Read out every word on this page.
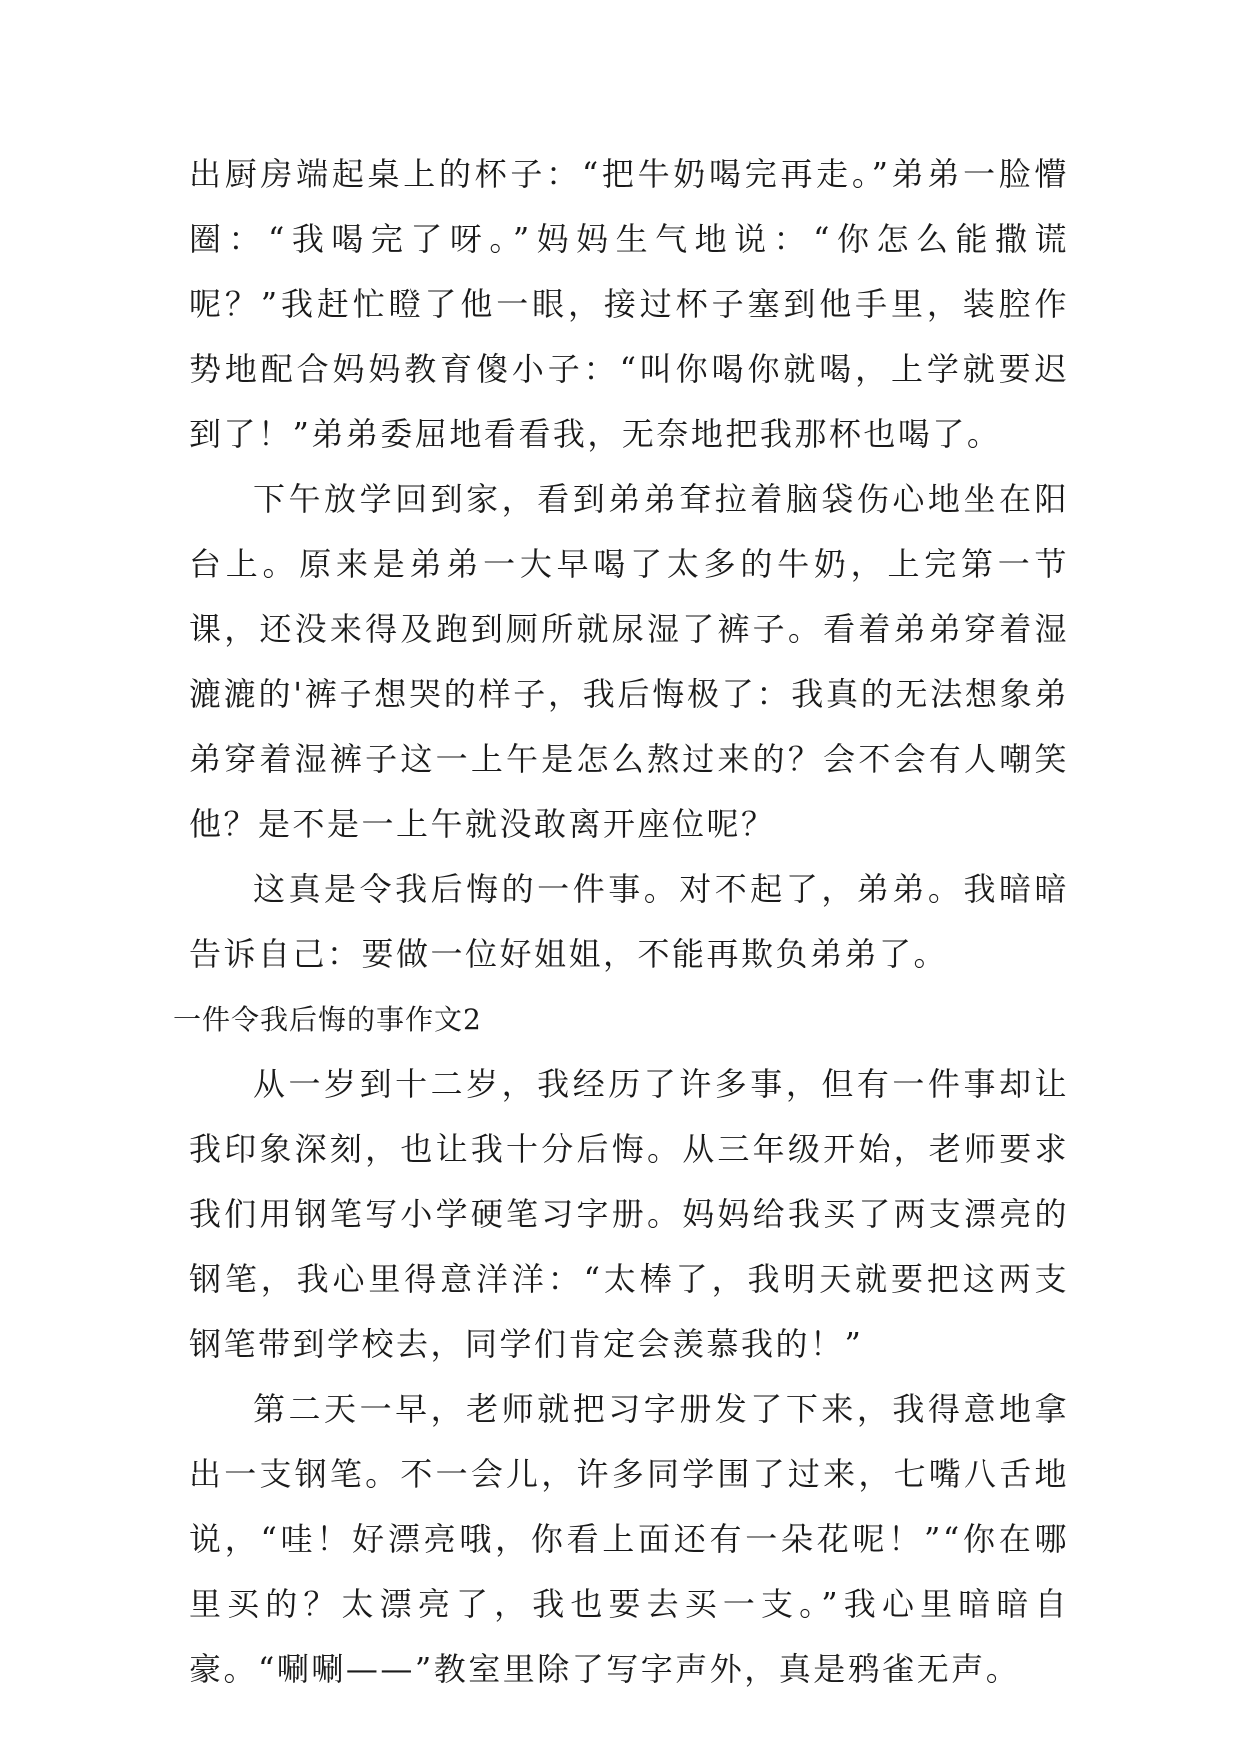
出厨房端起桌上的杯子：“把牛奶喝完再走。”弟弟一脸懵圈：“我喝完了呀。”妈妈生气地说：“你怎么能撒谎呢？”我赶忙瞪了他一眼，接过杯子塞到他手里，装腔作势地配合妈妈教育傻小子：“叫你喝你就喝，上学就要迟到了！”弟弟委屈地看看我，无奈地把我那杯也喝了。

下午放学回到家，看到弟弟耷拉着脑袋伤心地坐在阳台上。原来是弟弟一大早喝了太多的牛奶，上完第一节课，还没来得及跑到厕所就尿湿了裤子。看着弟弟穿着湿漉漉的'裤子想哭的样子，我后悔极了：我真的无法想象弟弟穿着湿裤子这一上午是怎么熬过来的？会不会有人嘲笑他？是不是一上午就没敢离开座位呢？

这真是令我后悔的一件事。对不起了，弟弟。我暗暗告诉自己：要做一位好姐姐，不能再欺负弟弟了。

一件令我后悔的事作文2

从一岁到十二岁，我经历了许多事，但有一件事却让我印象深刻，也让我十分后悔。从三年级开始，老师要求我们用钢笔写小学硬笔习字册。妈妈给我买了两支漂亮的钢笔，我心里得意洋洋：“太棒了，我明天就要把这两支钢笔带到学校去，同学们肯定会羡慕我的！”

第二天一早，老师就把习字册发了下来，我得意地拿出一支钢笔。不一会儿，许多同学围了过来，七嘴八舌地说，“哇！好漂亮哦，你看上面还有一朵花呢！”“你在哪里买的？太漂亮了，我也要去买一支。”我心里暗暗自豪。“唰唰——”教室里除了写字声外，真是鸦雀无声。
